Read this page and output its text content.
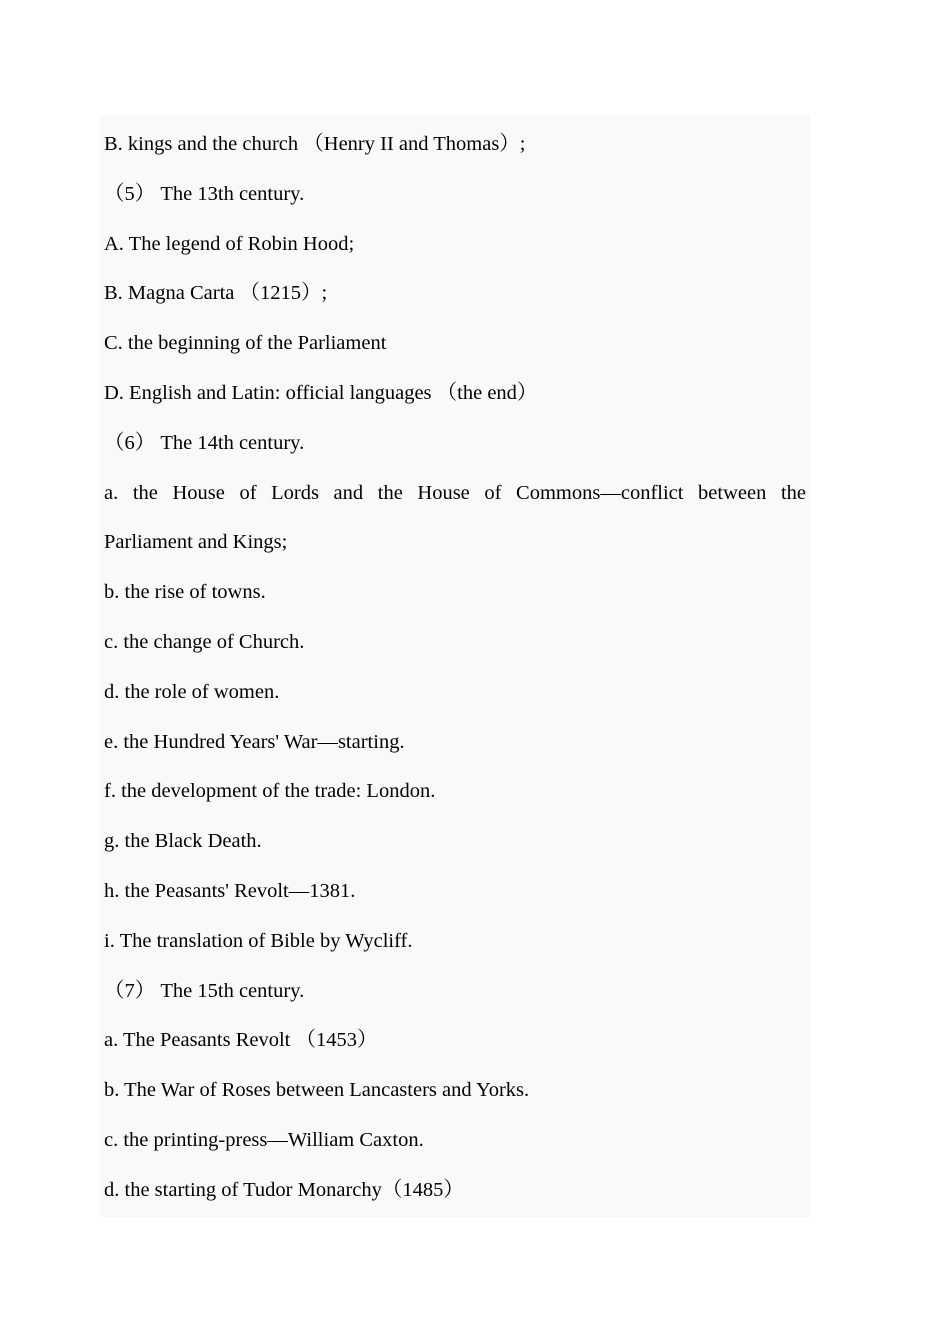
B. kings and the church （Henry II and Thomas）;
（5） The 13th century.
A. The legend of Robin Hood;
B. Magna Carta （1215）;
C. the beginning of the Parliament
D. English and Latin: official languages （the end）
（6） The 14th century.
a. the House of Lords and the House of Commons—conflict between the
Parliament and Kings;
b. the rise of towns.
c. the change of Church.
d. the role of women.
e. the Hundred Years' War—starting.
f. the development of the trade: London.
g. the Black Death.
h. the Peasants' Revolt—1381.
i. The translation of Bible by Wycliff.
（7） The 15th century.
a. The Peasants Revolt （1453）
b. The War of Roses between Lancasters and Yorks.
c. the printing-press—William Caxton.
d. the starting of Tudor Monarchy（1485）
